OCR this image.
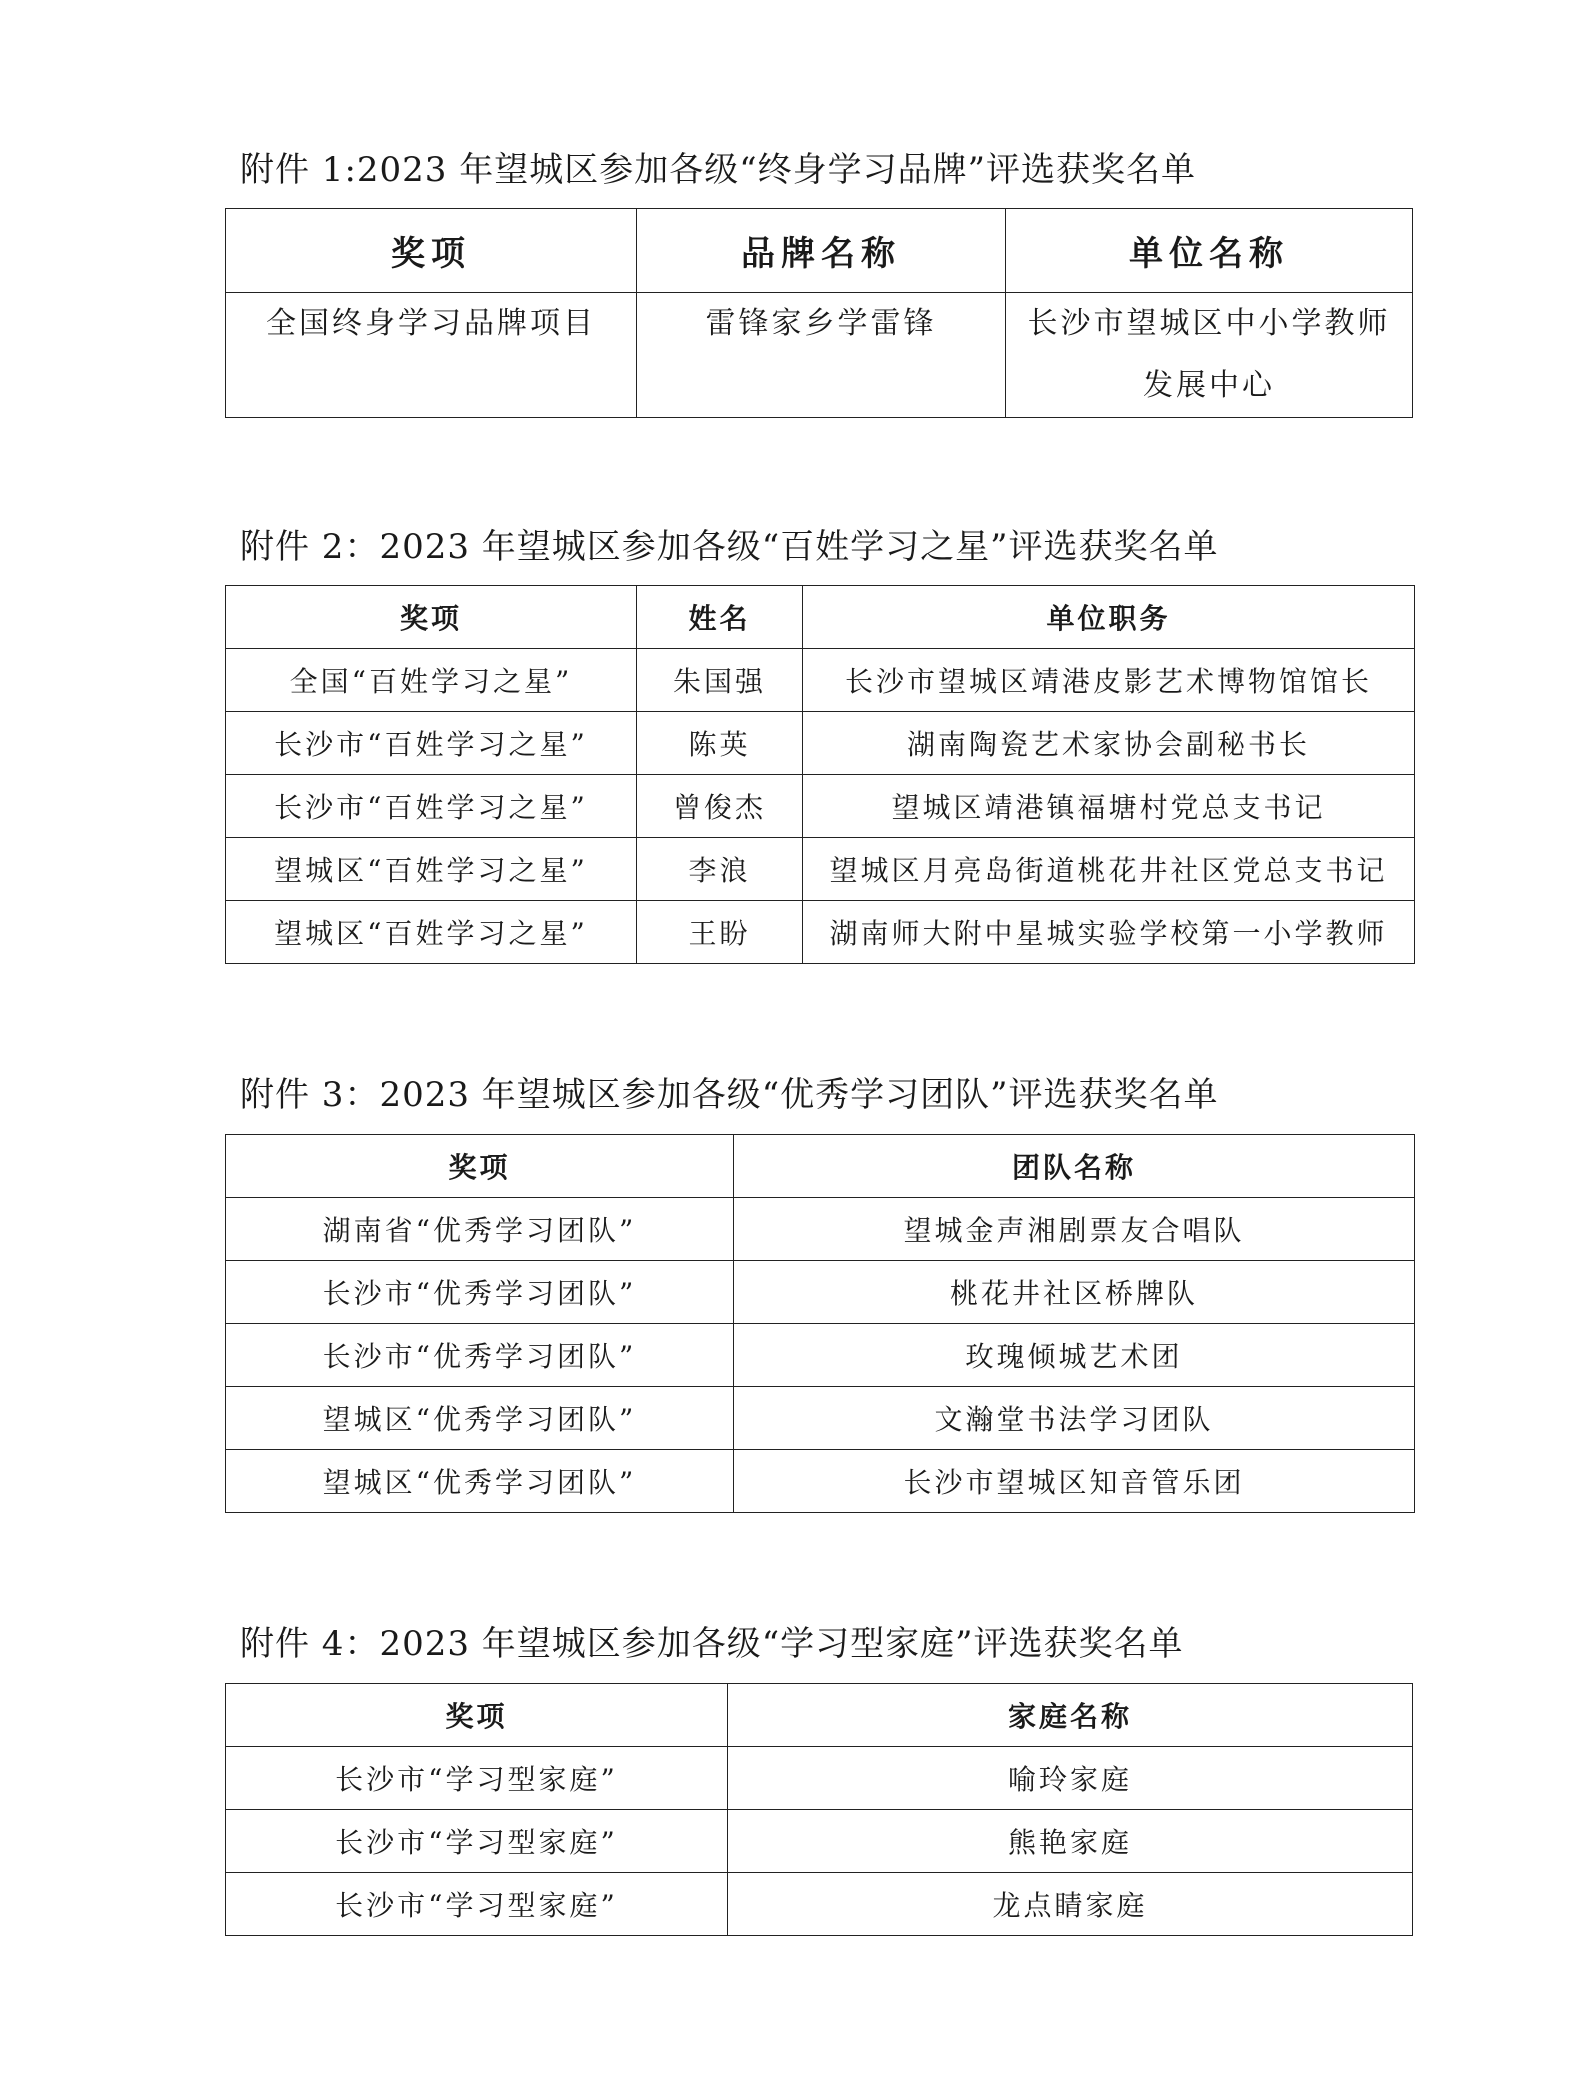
附件 1:2023 年望城区参加各级“终身学习品牌”评选获奖名单
奖项	品牌名称	单位名称
全国终身学习品牌项目	雷锋家乡学雷锋	长沙市望城区中小学教师
发展中心
附件 2：2023 年望城区参加各级“百姓学习之星”评选获奖名单
奖项	姓名	单位职务
全国“百姓学习之星”	朱国强	长沙市望城区靖港皮影艺术博物馆馆长
长沙市“百姓学习之星”	陈英	湖南陶瓷艺术家协会副秘书长
长沙市“百姓学习之星”	曾俊杰	望城区靖港镇福塘村党总支书记
望城区“百姓学习之星”	李浪	望城区月亮岛街道桃花井社区党总支书记
望城区“百姓学习之星”	王盼	湖南师大附中星城实验学校第一小学教师
附件 3：2023 年望城区参加各级“优秀学习团队”评选获奖名单
奖项	团队名称
湖南省“优秀学习团队”	望城金声湘剧票友合唱队
长沙市“优秀学习团队”	桃花井社区桥牌队
长沙市“优秀学习团队”	玫瑰倾城艺术团
望城区“优秀学习团队”	文瀚堂书法学习团队
望城区“优秀学习团队”	长沙市望城区知音管乐团
附件 4：2023 年望城区参加各级“学习型家庭”评选获奖名单
奖项	家庭名称
长沙市“学习型家庭”	喻玲家庭
长沙市“学习型家庭”	熊艳家庭
长沙市“学习型家庭”	龙点睛家庭
